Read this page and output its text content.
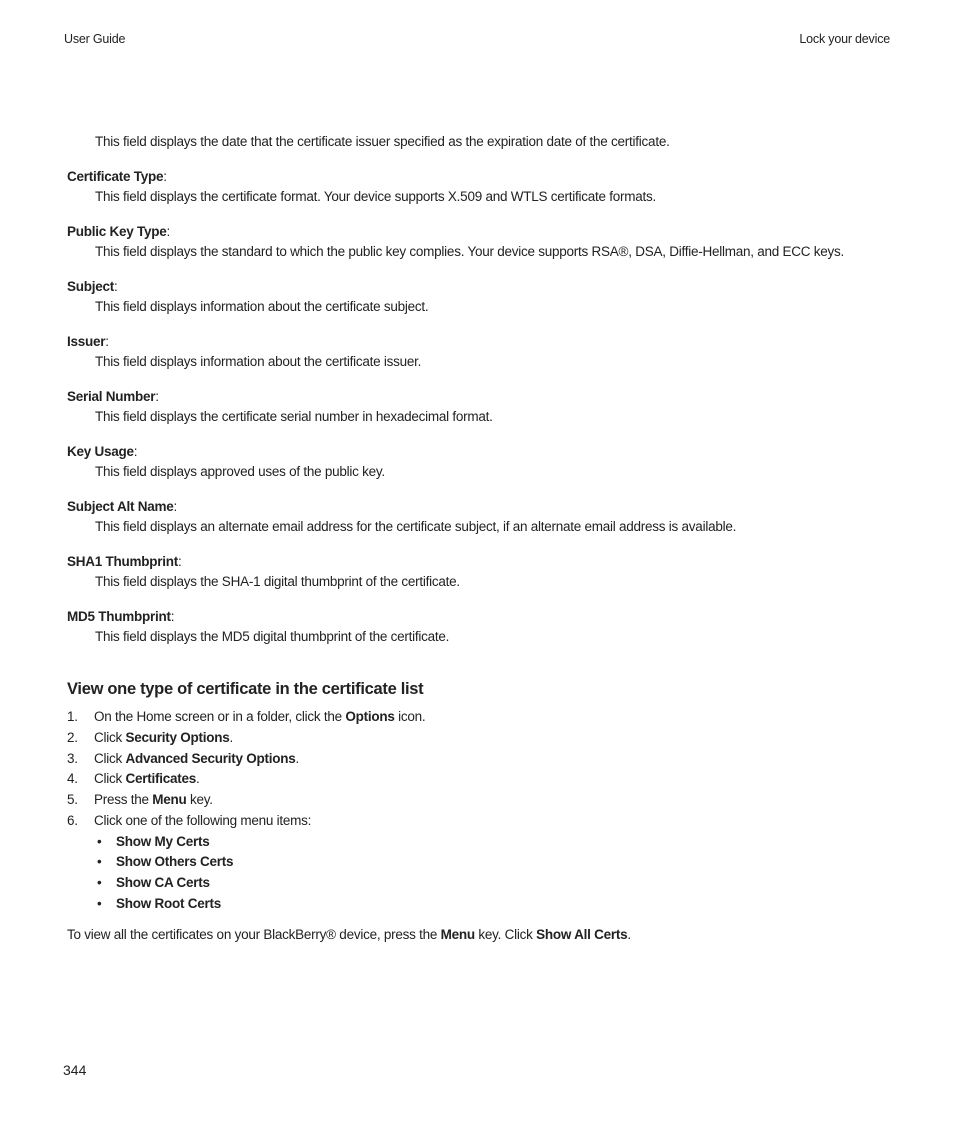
User Guide	Lock your device
This field displays the date that the certificate issuer specified as the expiration date of the certificate.
Certificate Type:
This field displays the certificate format. Your device supports X.509 and WTLS certificate formats.
Public Key Type:
This field displays the standard to which the public key complies. Your device supports RSA®, DSA, Diffie-Hellman, and ECC keys.
Subject:
This field displays information about the certificate subject.
Issuer:
This field displays information about the certificate issuer.
Serial Number:
This field displays the certificate serial number in hexadecimal format.
Key Usage:
This field displays approved uses of the public key.
Subject Alt Name:
This field displays an alternate email address for the certificate subject, if an alternate email address is available.
SHA1 Thumbprint:
This field displays the SHA-1 digital thumbprint of the certificate.
MD5 Thumbprint:
This field displays the MD5 digital thumbprint of the certificate.
View one type of certificate in the certificate list
1. On the Home screen or in a folder, click the Options icon.
2. Click Security Options.
3. Click Advanced Security Options.
4. Click Certificates.
5. Press the Menu key.
6. Click one of the following menu items:
• Show My Certs
• Show Others Certs
• Show CA Certs
• Show Root Certs
To view all the certificates on your BlackBerry® device, press the Menu key. Click Show All Certs.
344
